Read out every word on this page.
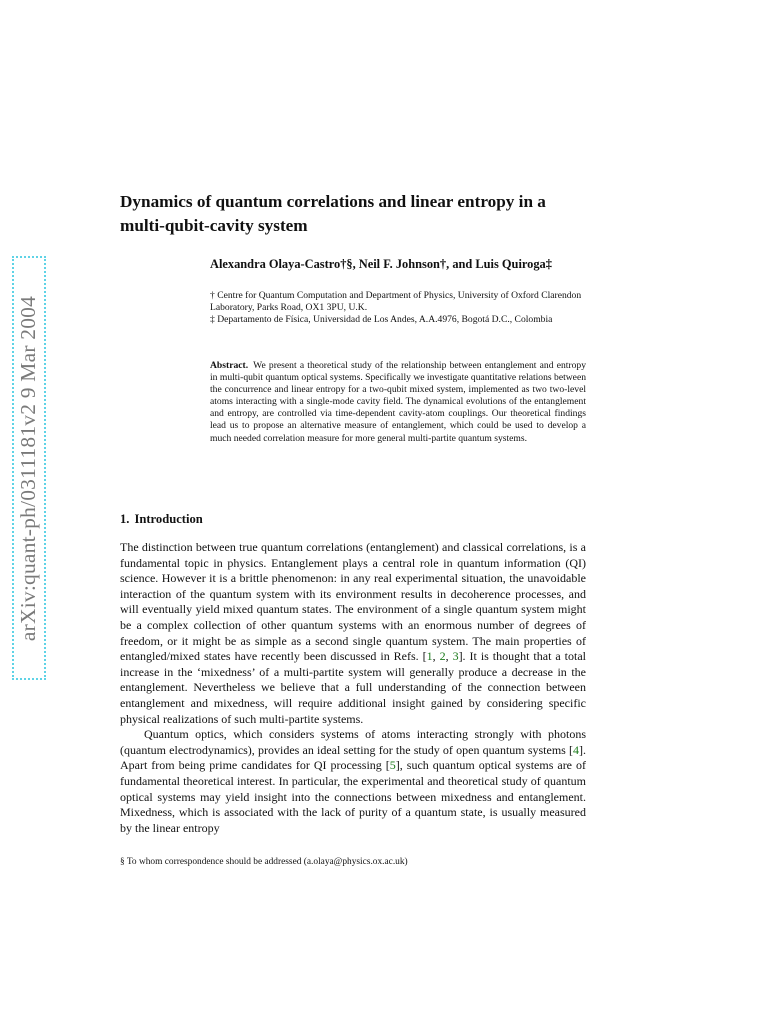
arXiv:quant-ph/0311181v2 9 Mar 2004
Dynamics of quantum correlations and linear entropy in a multi-qubit-cavity system
Alexandra Olaya-Castro†§, Neil F. Johnson†, and Luis Quiroga‡
† Centre for Quantum Computation and Department of Physics, University of Oxford Clarendon Laboratory, Parks Road, OX1 3PU, U.K.
‡ Departamento de Física, Universidad de Los Andes, A.A.4976, Bogotá D.C., Colombia
Abstract. We present a theoretical study of the relationship between entanglement and entropy in multi-qubit quantum optical systems. Specifically we investigate quantitative relations between the concurrence and linear entropy for a two-qubit mixed system, implemented as two two-level atoms interacting with a single-mode cavity field. The dynamical evolutions of the entanglement and entropy, are controlled via time-dependent cavity-atom couplings. Our theoretical findings lead us to propose an alternative measure of entanglement, which could be used to develop a much needed correlation measure for more general multi-partite quantum systems.
1. Introduction

The distinction between true quantum correlations (entanglement) and classical correlations, is a fundamental topic in physics. Entanglement plays a central role in quantum information (QI) science. However it is a brittle phenomenon: in any real experimental situation, the unavoidable interaction of the quantum system with its environment results in decoherence processes, and will eventually yield mixed quantum states. The environment of a single quantum system might be a complex collection of other quantum systems with an enormous number of degrees of freedom, or it might be as simple as a second single quantum system. The main properties of entangled/mixed states have recently been discussed in Refs. [1, 2, 3]. It is thought that a total increase in the ‘mixedness’ of a multi-partite system will generally produce a decrease in the entanglement. Nevertheless we believe that a full understanding of the connection between entanglement and mixedness, will require additional insight gained by considering specific physical realizations of such multi-partite systems.

Quantum optics, which considers systems of atoms interacting strongly with photons (quantum electrodynamics), provides an ideal setting for the study of open quantum systems [4]. Apart from being prime candidates for QI processing [5], such quantum optical systems are of fundamental theoretical interest. In particular, the experimental and theoretical study of quantum optical systems may yield insight into the connections between mixedness and entanglement. Mixedness, which is associated with the lack of purity of a quantum state, is usually measured by the linear entropy

§ To whom correspondence should be addressed (a.olaya@physics.ox.ac.uk)
